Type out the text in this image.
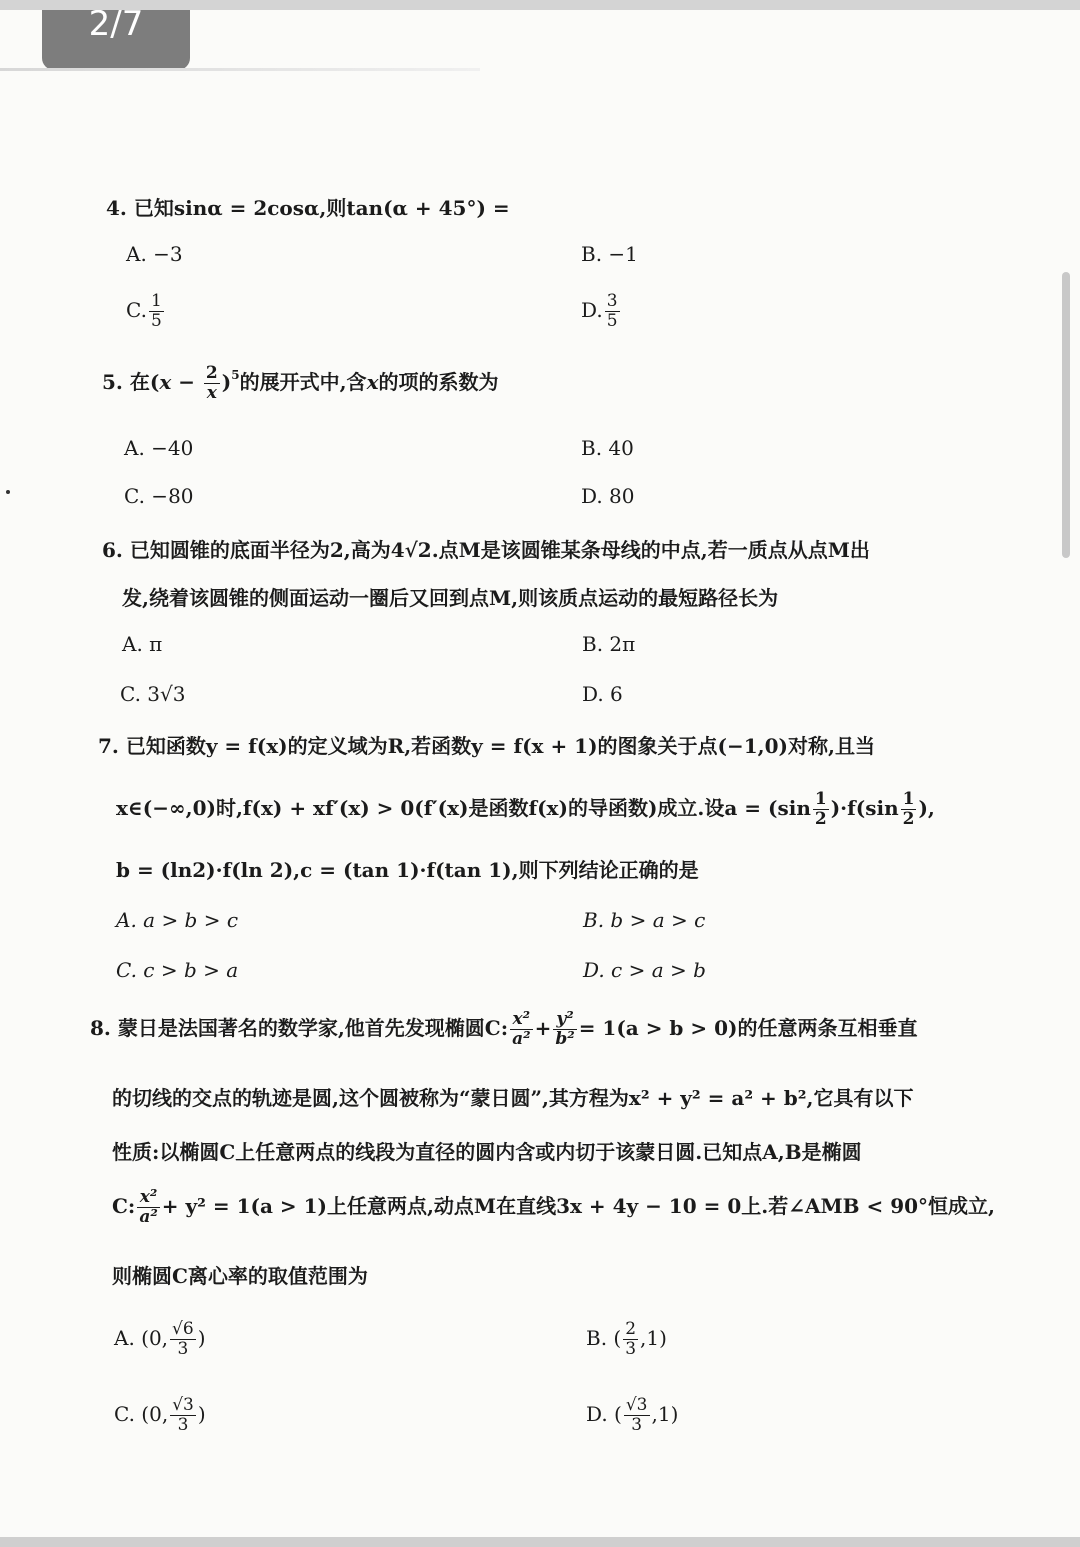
2/7
4. 已知sinα = 2cosα,则tan(α + 45°) =
A. −3	B. −1
C. $\frac{1}{5}$	D. $\frac{3}{5}$
5. 在$(x - \frac{2}{x} )^5$的展开式中,含x的项的系数为
A. −40	B. 40
C. −80	D. 80
6. 已知圆锥的底面半径为2,高为4√2.点M是该圆锥某条母线的中点,若一质点从点M出
发,绕着该圆锥的侧面运动一圈后又回到点M,则该质点运动的最短路径长为
A. π	B. 2π
C. 3√3	D. 6
7. 已知函数y = f(x)的定义域为R,若函数y = f(x + 1)的图象关于点(−1,0)对称,且当
x∈(−∞,0)时,f(x) + xf′(x) > 0(f′(x)是函数f(x)的导函数)成立.设$a = (\sin \frac{1}{2} )\cdot f(\sin \frac{1}{2}$ ),
b = (ln2)·f(ln 2),c = (tan 1)·f(tan 1),则下列结论正确的是
A. a > b > c	B. b > a > c
C. c > b > a	D. c > a > b
8. 蒙日是法国著名的数学家,他首先发现椭圆C: $\frac{\text{x²}}{\text{a²}} + \frac{\text{y²}}{\text{b²}} = 1(a > b > 0)$的任意两条互相垂直
的切线的交点的轨迹是圆,这个圆被称为“蒙日圆”,其方程为x² + y² = a² + b²,它具有以下
性质:以椭圆C上任意两点的线段为直径的圆内含或内切于该蒙日圆.已知点A,B是椭圆
C: $\frac{\text{x²}}{\text{a²}} + y^2 = 1(a > 1)$上任意两点,动点M在直线3x + 4y − 10 = 0上.若∠AMB < 90°恒成立,
则椭圆C离心率的取值范围为
A. (0, $\frac{√6}{3}$ )	B. ( $\frac{2}{3} ,1$)
C. (0, $\frac{√3}{3}$ )	D. ( $\frac{√3}{3} ,1$)
